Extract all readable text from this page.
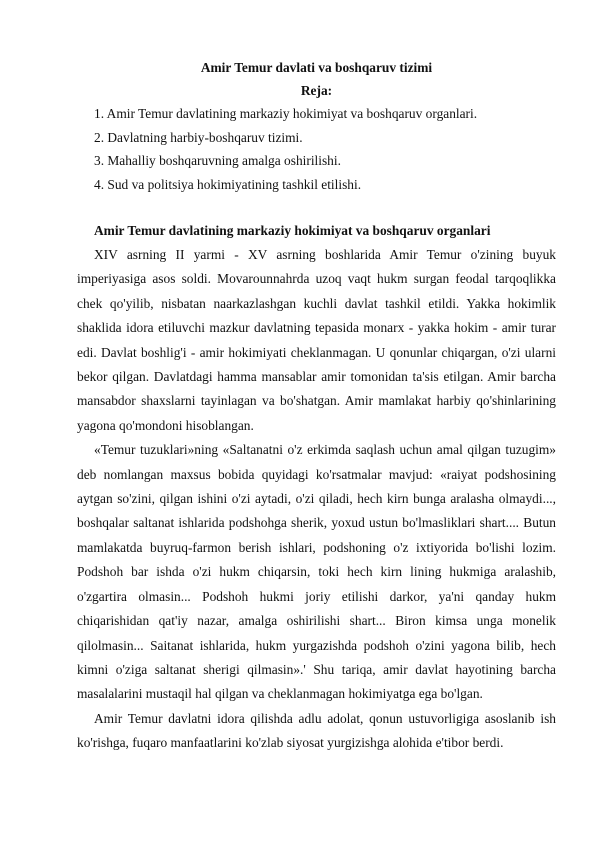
Amir Temur davlati va boshqaruv tizimi

Reja:

1. Amir Temur davlatining markaziy hokimiyat va boshqaruv organlari.
2. Davlatning harbiy-boshqaruv tizimi.
3. Mahalliy boshqaruvning amalga oshirilishi.
4. Sud va politsiya hokimiyatining tashkil etilishi.

Amir Temur davlatining markaziy hokimiyat va boshqaruv organlari

XIV asrning II yarmi - XV asrning boshlarida Amir Temur o'zining buyuk imperiyasiga asos soldi. Movarounnahrda uzoq vaqt hukm surgan feodal tarqoqlikka chek qo'yilib, nisbatan naarkazlashgan kuchli davlat tashkil etildi. Yakka hokimlik shaklida idora etiluvchi mazkur davlatning tepasida monarx - yakka hokim - amir turar edi. Davlat boshlig'i - amir hokimiyati cheklanmagan. U qonunlar chiqargan, o'zi ularni bekor qilgan. Davlatdagi hamma mansablar amir tomonidan ta'sis etilgan. Amir barcha mansabdor shaxslarni tayinlagan va bo'shatgan. Amir mamlakat harbiy qo'shinlarining yagona qo'mondoni hisoblangan.

«Temur tuzuklari»ning «Saltanatni o'z erkimda saqlash uchun amal qilgan tuzugim» deb nomlangan maxsus bobida quyidagi ko'rsatmalar mavjud: «raiyat podshosining aytgan so'zini, qilgan ishini o'zi aytadi, o'zi qiladi, hech kirn bunga aralasha olmaydi..., boshqalar saltanat ishlarida podshohga sherik, yoxud ustun bo'lmasliklari shart.... Butun mamlakatda buyruq-farmon berish ishlari, podshoning o'z ixtiyorida bo'lishi lozim. Podshoh bar ishda o'zi hukm chiqarsin, toki hech kirn lining hukmiga aralashib, o'zgartira olmasin... Podshoh hukmi joriy etilishi darkor, ya'ni qanday hukm chiqarishidan qat'iy nazar, amalga oshirilishi shart... Biron kimsa unga monelik qilolmasin... Saitanat ishlarida, hukm yurgazishda podshoh o'zini yagona bilib, hech kimni o'ziga saltanat sherigi qilmasin».' Shu tariqa, amir davlat hayotining barcha masalalarini mustaqil hal qilgan va cheklanmagan hokimiyatga ega bo'lgan.

Amir Temur davlatni idora qilishda adlu adolat, qonun ustuvorligiga asoslanib ish ko'rishga, fuqaro manfaatlarini ko'zlab siyosat yurgizishga alohida e'tibor berdi.
